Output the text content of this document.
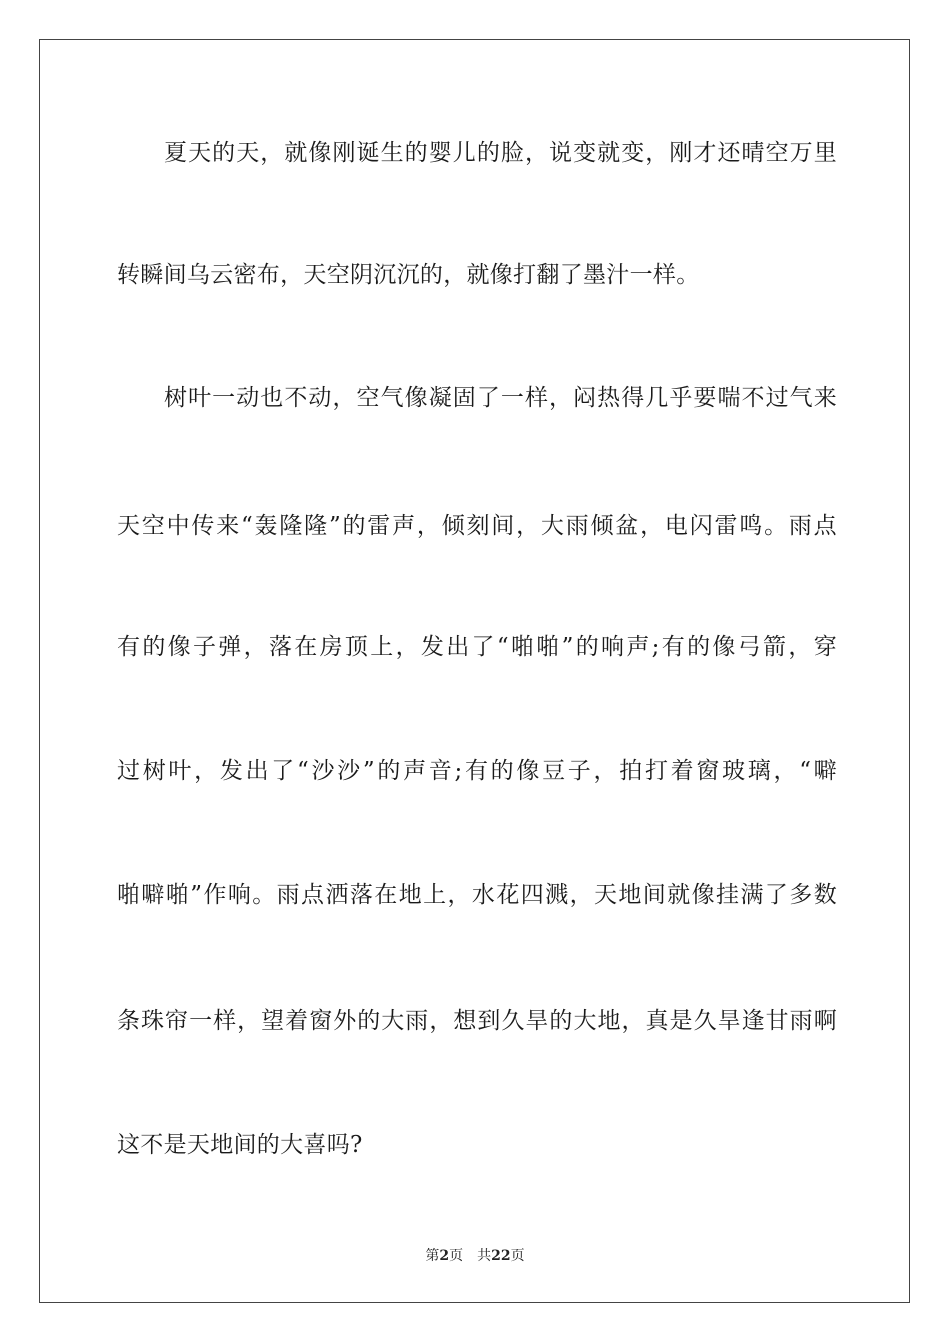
夏天的天，就像刚诞生的婴儿的脸，说变就变，刚才还晴空万里
转瞬间乌云密布，天空阴沉沉的，就像打翻了墨汁一样。
树叶一动也不动，空气像凝固了一样，闷热得几乎要喘不过气来
天空中传来“轰隆隆”的雷声，倾刻间，大雨倾盆，电闪雷鸣。雨点
有的像子弹，落在房顶上，发出了“啪啪”的响声;有的像弓箭，穿
过树叶，发出了“沙沙”的声音;有的像豆子，拍打着窗玻璃，“噼
啪噼啪”作响。雨点洒落在地上，水花四溅，天地间就像挂满了多数
条珠帘一样，望着窗外的大雨，想到久旱的大地，真是久旱逢甘雨啊
这不是天地间的大喜吗?
第2页 共22页
